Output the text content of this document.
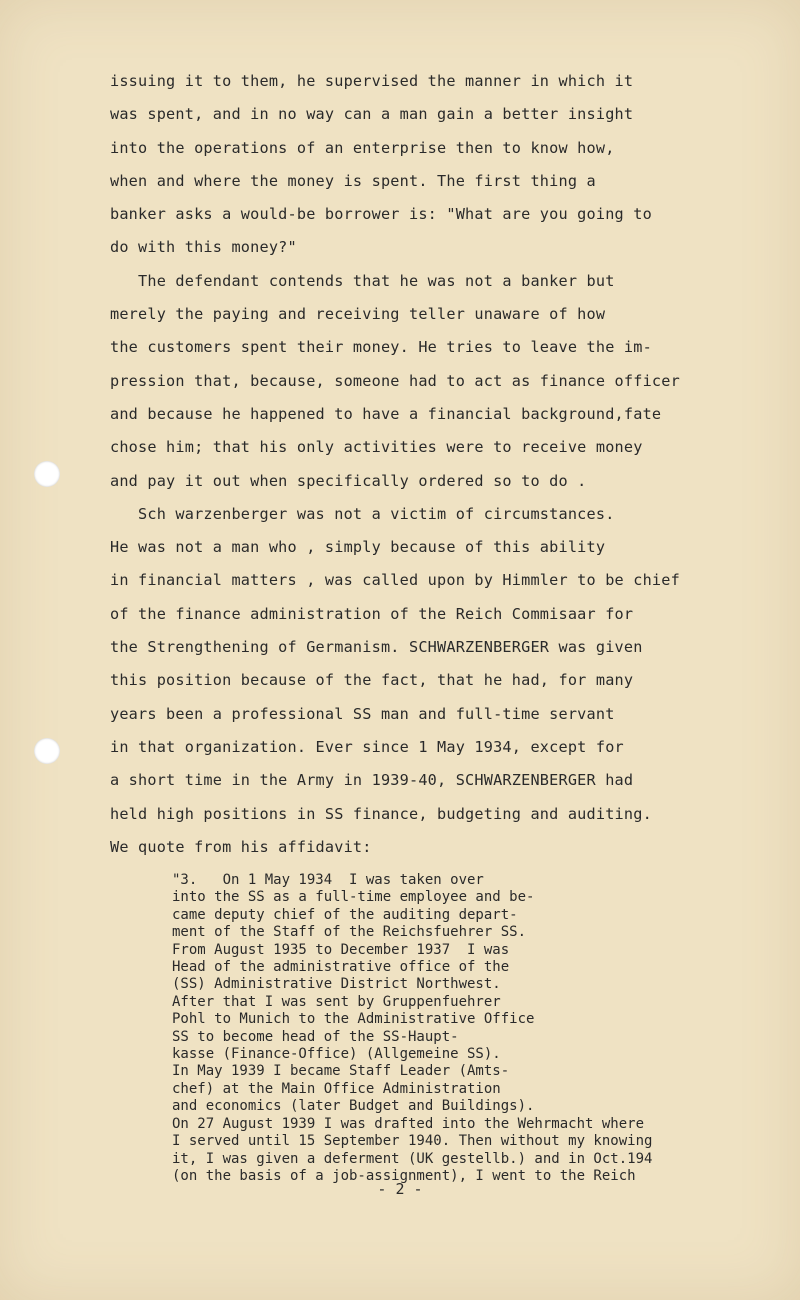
issuing it to them, he supervised the manner in which it
was spent, and in no way can a man gain a better insight
into the operations of an enterprise then to know how,
when and where the money is spent. The first thing a
banker asks a would-be borrower is: "What are you going to
do with this money?"
The defendant contends that he was not a banker but
merely the paying and receiving teller unaware of how
the customers spent their money. He tries to leave the im-
pression that, because, someone had to act as finance officer
and because he happened to have a financial background,fate
chose him; that his only activities were to receive money
and pay it out when specifically ordered so to do .
Sch warzenberger was not a victim of circumstances.
He was not a man who , simply because of this ability
in financial matters , was called upon by Himmler to be chief
of the finance administration of the Reich Commisaar for
the Strengthening of Germanism. SCHWARZENBERGER was given
this position because of the fact, that he had, for many
years been a professional SS man and full-time servant
in that organization. Ever since 1 May 1934, except for
a short time in the Army in 1939-40, SCHWARZENBERGER had
held high positions in SS finance, budgeting and auditing.
We quote from his affidavit:
"3.   On 1 May 1934  I was taken over
into the SS as a full-time employee and be-
came deputy chief of the auditing depart-
ment of the Staff of the Reichsfuehrer SS.
From August 1935 to December 1937  I was
Head of the administrative office of the
(SS) Administrative District Northwest.
After that I was sent by Gruppenfuehrer
Pohl to Munich to the Administrative Office
SS to become head of the SS-Haupt-
kasse (Finance-Office) (Allgemeine SS).
In May 1939 I became Staff Leader (Amts-
chef) at the Main Office Administration
and economics (later Budget and Buildings).
On 27 August 1939 I was drafted into the Wehrmacht where
I served until 15 September 1940. Then without my knowing
it, I was given a deferment (UK gestellb.) and in Oct.194
(on the basis of a job-assignment), I went to the Reich
- 2 -
